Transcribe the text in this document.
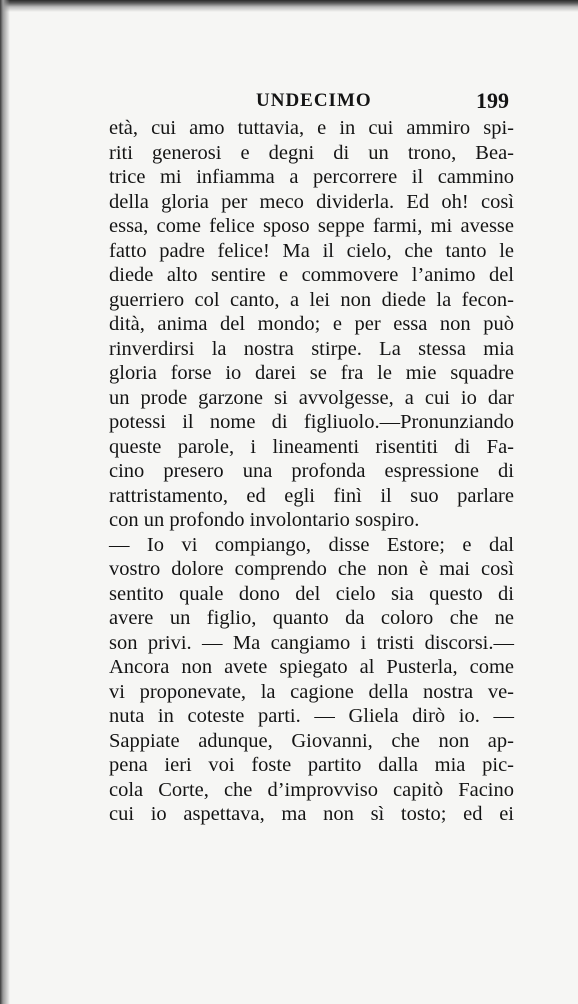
UNDECIMO	199
età, cui amo tuttavia, e in cui ammiro spi-
riti generosi e degni di un trono, Bea-
trice mi infiamma a percorrere il cammino
della gloria per meco dividerla. Ed oh! così
essa, come felice sposo seppe farmi, mi avesse
fatto padre felice! Ma il cielo, che tanto le
diede alto sentire e commovere l’animo del
guerriero col canto, a lei non diede la fecon-
dità, anima del mondo; e per essa non può
rinverdirsi la nostra stirpe. La stessa mia
gloria forse io darei se fra le mie squadre
un prode garzone si avvolgesse, a cui io dar
potessi il nome di figliuolo.—Pronunziando
queste parole, i lineamenti risentiti di Fa-
cino presero una profonda espressione di
rattristamento, ed egli finì il suo parlare
con un profondo involontario sospiro.
— Io vi compiango, disse Estore; e dal
vostro dolore comprendo che non è mai così
sentito quale dono del cielo sia questo di
avere un figlio, quanto da coloro che ne
son privi. — Ma cangiamo i tristi discorsi.—
Ancora non avete spiegato al Pusterla, come
vi proponevate, la cagione della nostra ve-
nuta in coteste parti. — Gliela dirò io. —
Sappiate adunque, Giovanni, che non ap-
pena ieri voi foste partito dalla mia pic-
cola Corte, che d’improvviso capitò Facino
cui io aspettava, ma non sì tosto; ed ei
